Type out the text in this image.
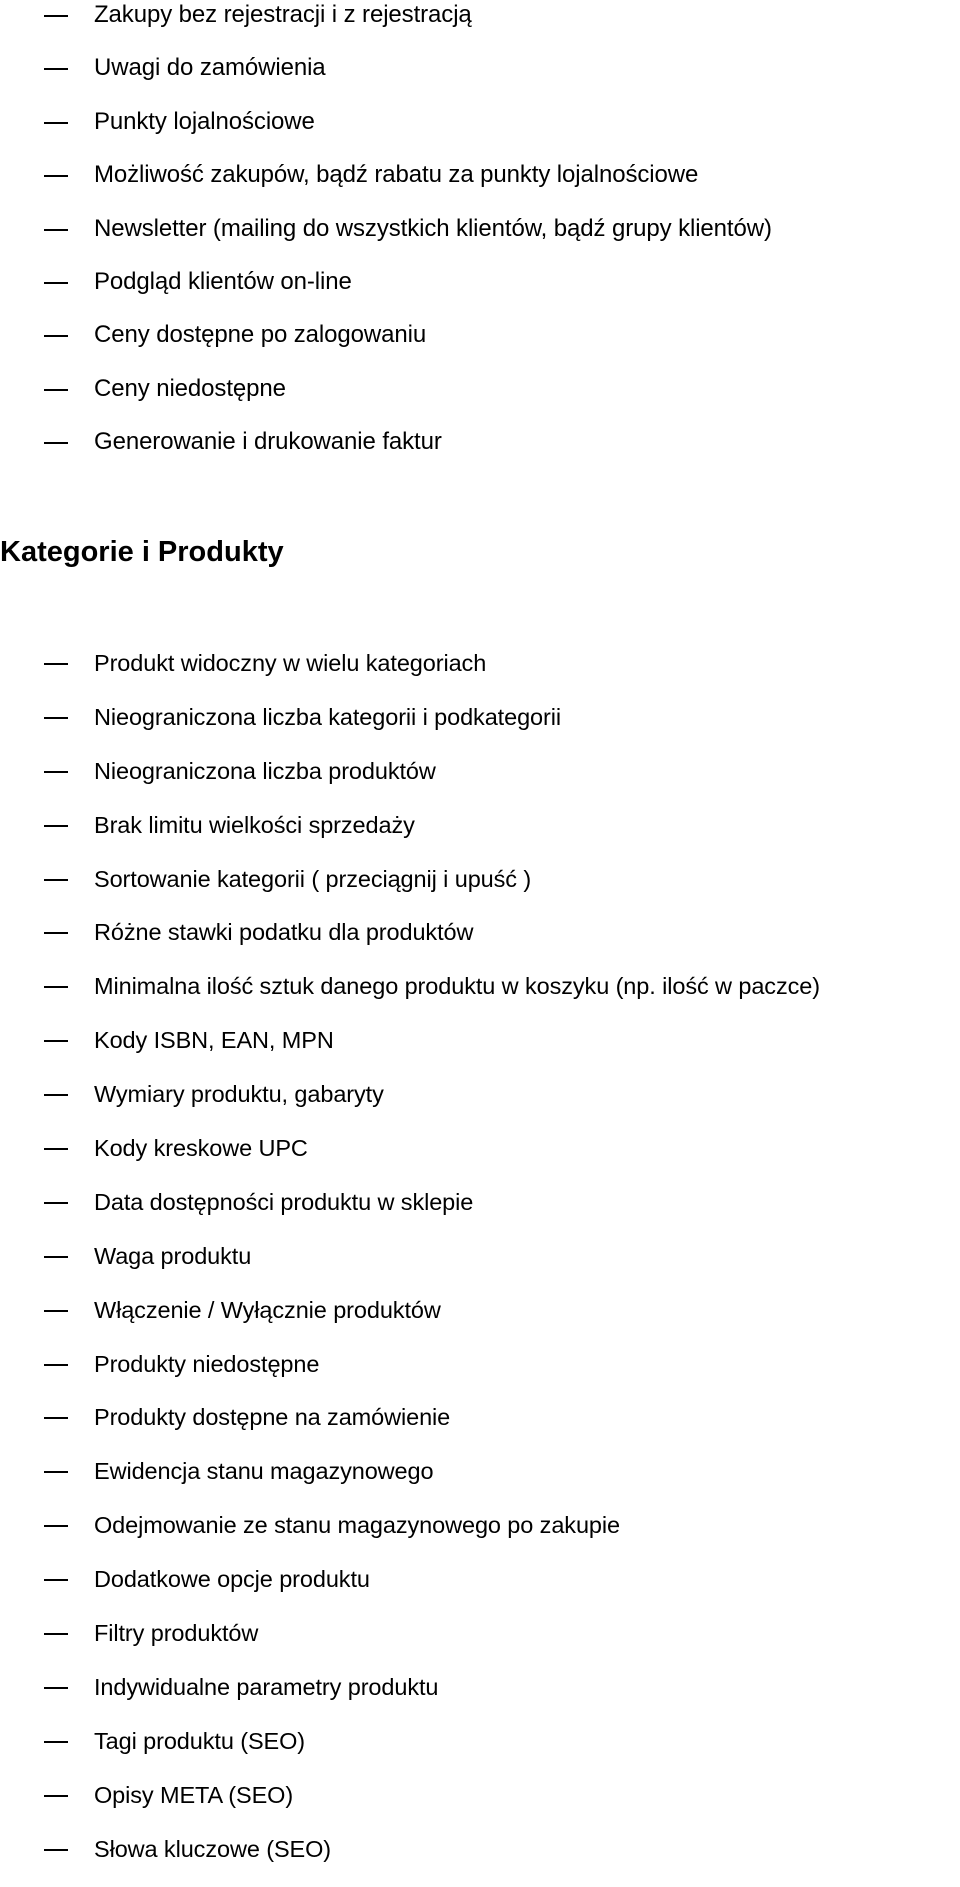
Zakupy bez rejestracji i z rejestracją
Uwagi do zamówienia
Punkty lojalnościowe
Możliwość zakupów, bądź rabatu za punkty lojalnościowe
Newsletter (mailing do wszystkich klientów, bądź grupy klientów)
Podgląd klientów on-line
Ceny dostępne po zalogowaniu
Ceny niedostępne
Generowanie i drukowanie faktur
Kategorie i Produkty
Produkt widoczny w wielu kategoriach
Nieograniczona liczba kategorii i podkategorii
Nieograniczona liczba produktów
Brak limitu wielkości sprzedaży
Sortowanie kategorii ( przeciągnij i upuść )
Różne stawki podatku dla produktów
Minimalna ilość sztuk danego produktu w koszyku (np. ilość w paczce)
Kody ISBN, EAN, MPN
Wymiary produktu, gabaryty
Kody kreskowe UPC
Data dostępności produktu w sklepie
Waga produktu
Włączenie / Wyłącznie produktów
Produkty niedostępne
Produkty dostępne na zamówienie
Ewidencja stanu magazynowego
Odejmowanie ze stanu magazynowego po zakupie
Dodatkowe opcje produktu
Filtry produktów
Indywidualne parametry produktu
Tagi produktu (SEO)
Opisy META (SEO)
Słowa kluczowe (SEO)
